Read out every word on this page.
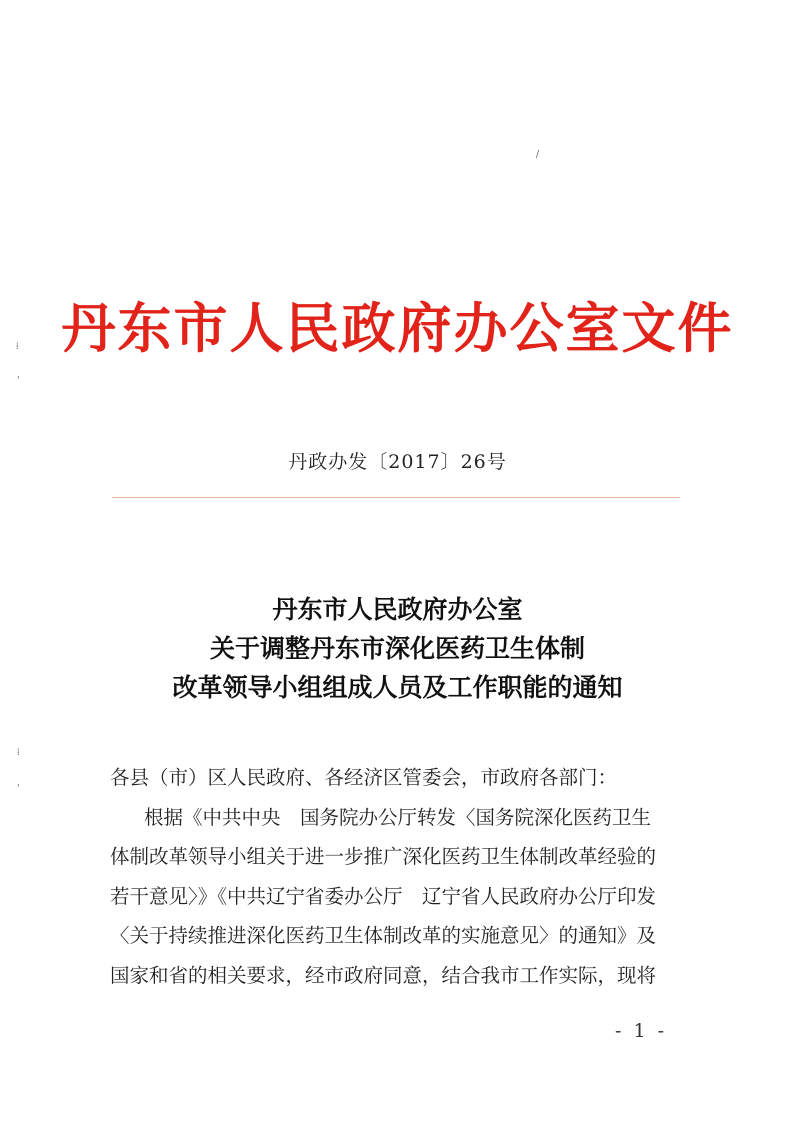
⁞
'
⁞
'
/
丹东市人民政府办公室文件
丹政办发〔2017〕26号
丹东市人民政府办公室
关于调整丹东市深化医药卫生体制
改革领导小组组成人员及工作职能的通知
各县（市）区人民政府、各经济区管委会，市政府各部门：
根据《中共中央　国务院办公厅转发〈国务院深化医药卫生
体制改革领导小组关于进一步推广深化医药卫生体制改革经验的
若干意见〉》《中共辽宁省委办公厅　辽宁省人民政府办公厅印发
〈关于持续推进深化医药卫生体制改革的实施意见〉的通知》及
国家和省的相关要求，经市政府同意，结合我市工作实际，现将
- 1 -
